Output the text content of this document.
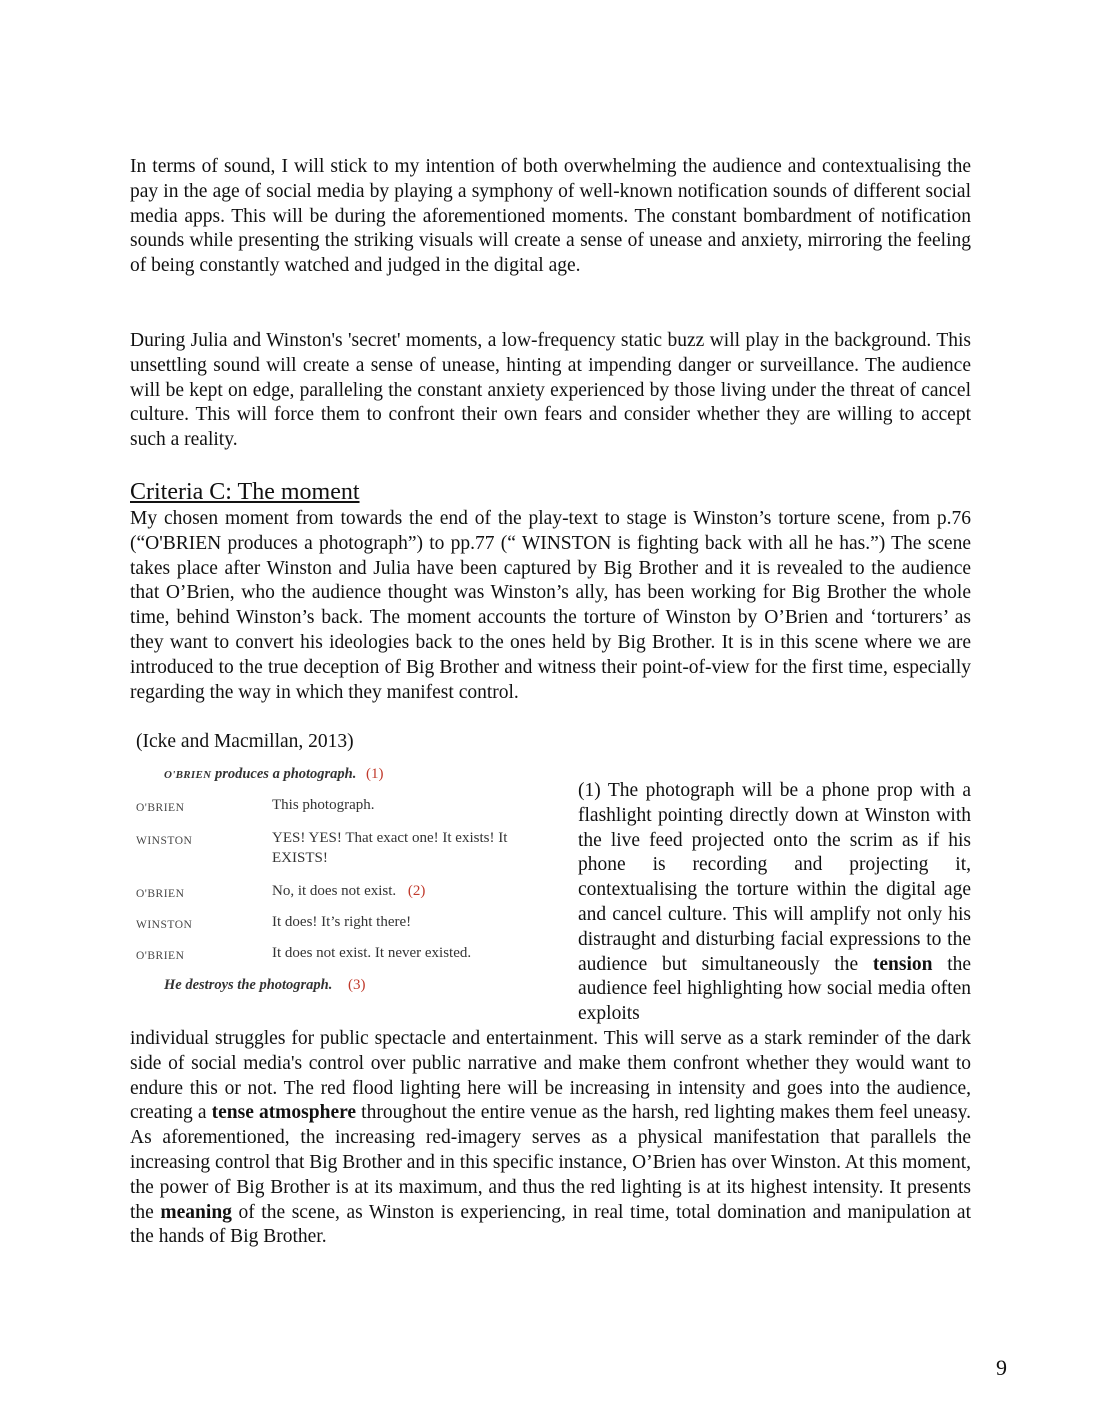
In terms of sound, I will stick to my intention of both overwhelming the audience and contextualising the pay in the age of social media by playing a symphony of well-known notification sounds of different social media apps. This will be during the aforementioned moments. The constant bombardment of notification sounds while presenting the striking visuals will create a sense of unease and anxiety, mirroring the feeling of being constantly watched and judged in the digital age.

During Julia and Winston's 'secret' moments, a low-frequency static buzz will play in the background. This unsettling sound will create a sense of unease, hinting at impending danger or surveillance. The audience will be kept on edge, paralleling the constant anxiety experienced by those living under the threat of cancel culture. This will force them to confront their own fears and consider whether they are willing to accept such a reality.

Criteria C: The moment

My chosen moment from towards the end of the play-text to stage is Winston’s torture scene, from p.76 (“O'BRIEN produces a photograph”) to pp.77 (“ WINSTON is fighting back with all he has.”) The scene takes place after Winston and Julia have been captured by Big Brother and it is revealed to the audience that O’Brien, who the audience thought was Winston’s ally, has been working for Big Brother the whole time, behind Winston’s back. The moment accounts the torture of Winston by O’Brien and ‘torturers’ as they want to convert his ideologies back to the ones held by Big Brother. It is in this scene where we are introduced to the true deception of Big Brother and witness their point-of-view for the first time, especially regarding the way in which they manifest control.

(Icke and Macmillan, 2013)
O'BRIEN produces a photograph. (1)
O'BRIEN	This photograph.
WINSTON	YES! YES! That exact one! It exists! It EXISTS!
O'BRIEN	No, it does not exist. (2)
WINSTON	It does! It’s right there!
O'BRIEN	It does not exist. It never existed.
He destroys the photograph. (3)
(1) The photograph will be a phone prop with a flashlight pointing directly down at Winston with the live feed projected onto the scrim as if his phone is recording and projecting it, contextualising the torture within the digital age and cancel culture. This will amplify not only his distraught and disturbing facial expressions to the audience but simultaneously the tension the audience feel highlighting how social media often exploits

individual struggles for public spectacle and entertainment. This will serve as a stark reminder of the dark side of social media's control over public narrative and make them confront whether they would want to endure this or not. The red flood lighting here will be increasing in intensity and goes into the audience, creating a tense atmosphere throughout the entire venue as the harsh, red lighting makes them feel uneasy. As aforementioned, the increasing red-imagery serves as a physical manifestation that parallels the increasing control that Big Brother and in this specific instance, O’Brien has over Winston. At this moment, the power of Big Brother is at its maximum, and thus the red lighting is at its highest intensity. It presents the meaning of the scene, as Winston is experiencing, in real time, total domination and manipulation at the hands of Big Brother.

9
